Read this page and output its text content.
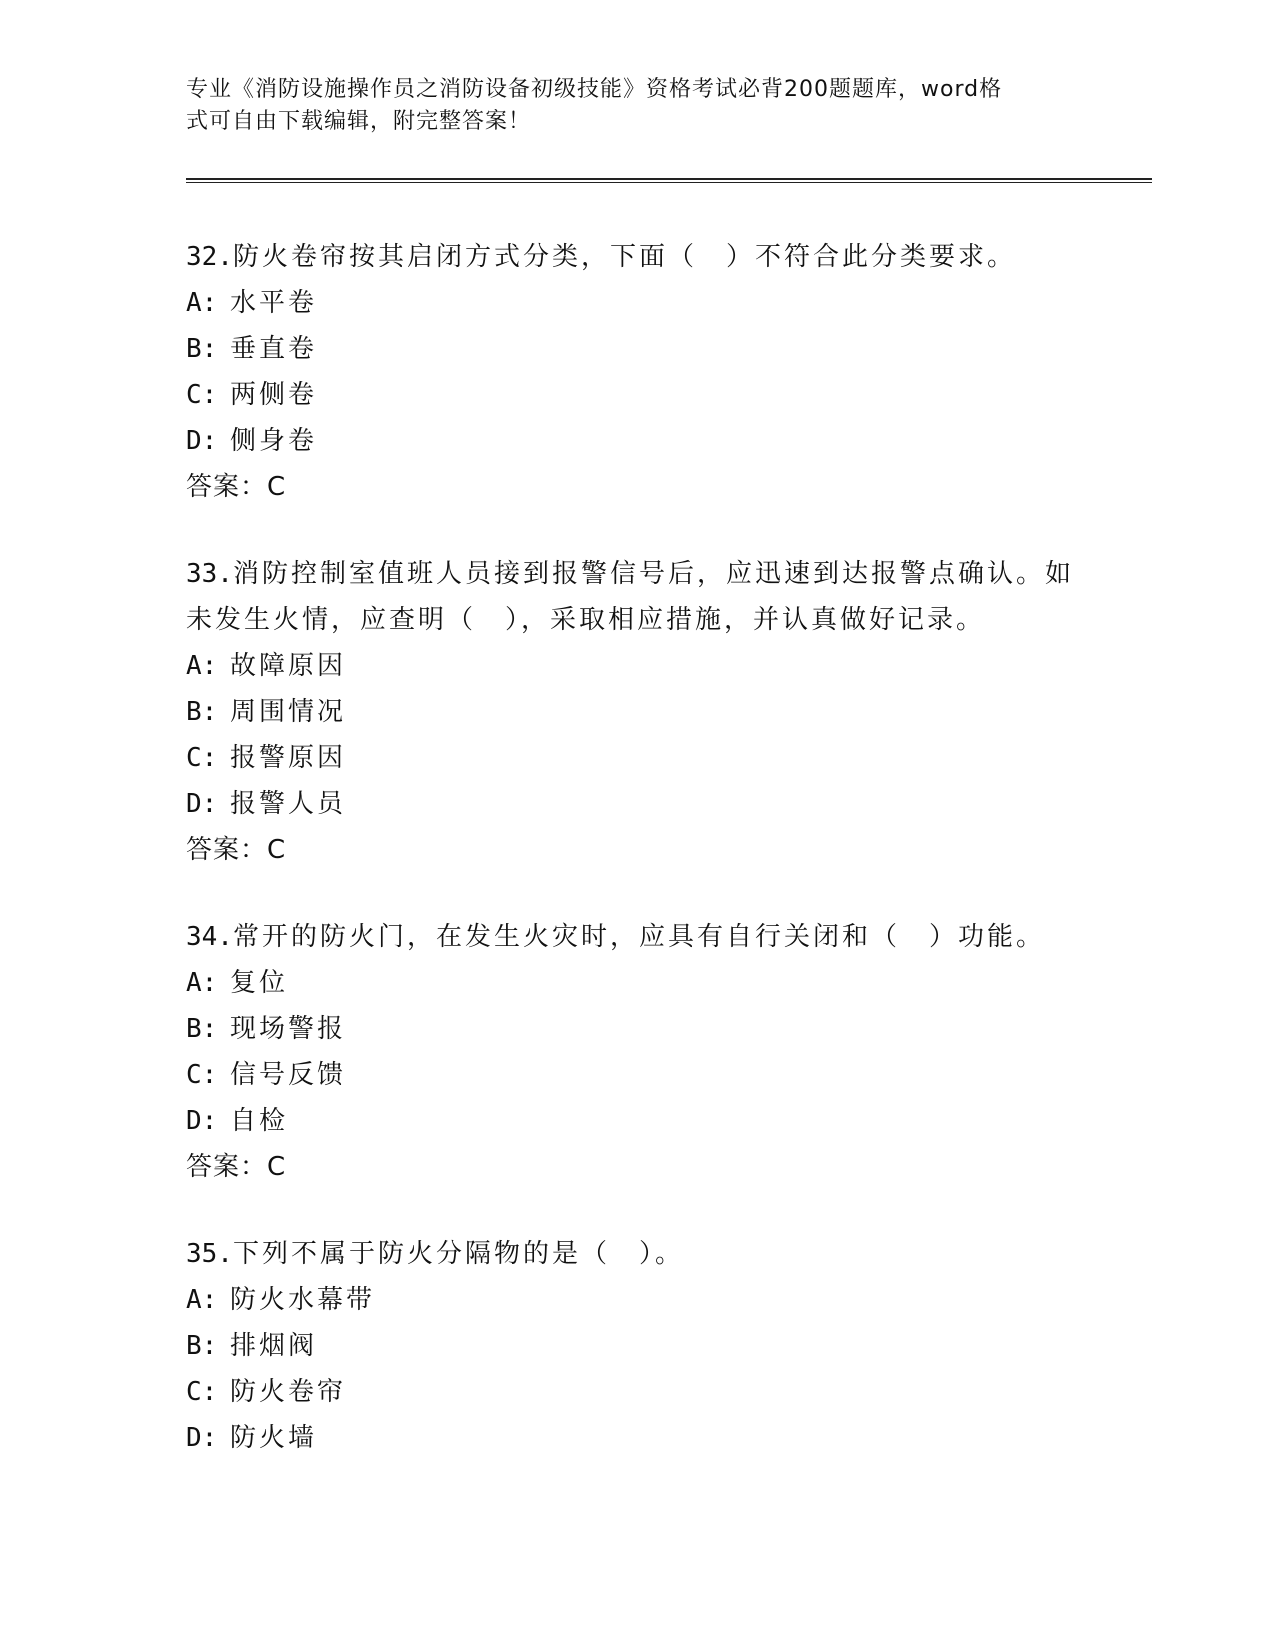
专业《消防设施操作员之消防设备初级技能》资格考试必背200题题库，word格
式可自由下载编辑，附完整答案！
32.防火卷帘按其启闭方式分类，下面（　）不符合此分类要求。
A: 水平卷
B: 垂直卷
C: 两侧卷
D: 侧身卷
答案：C
33.消防控制室值班人员接到报警信号后，应迅速到达报警点确认。如
未发生火情，应查明（　），采取相应措施，并认真做好记录。
A: 故障原因
B: 周围情况
C: 报警原因
D: 报警人员
答案：C
34.常开的防火门，在发生火灾时，应具有自行关闭和（　）功能。
A: 复位
B: 现场警报
C: 信号反馈
D: 自检
答案：C
35.下列不属于防火分隔物的是（　）。
A: 防火水幕带
B: 排烟阀
C: 防火卷帘
D: 防火墙
